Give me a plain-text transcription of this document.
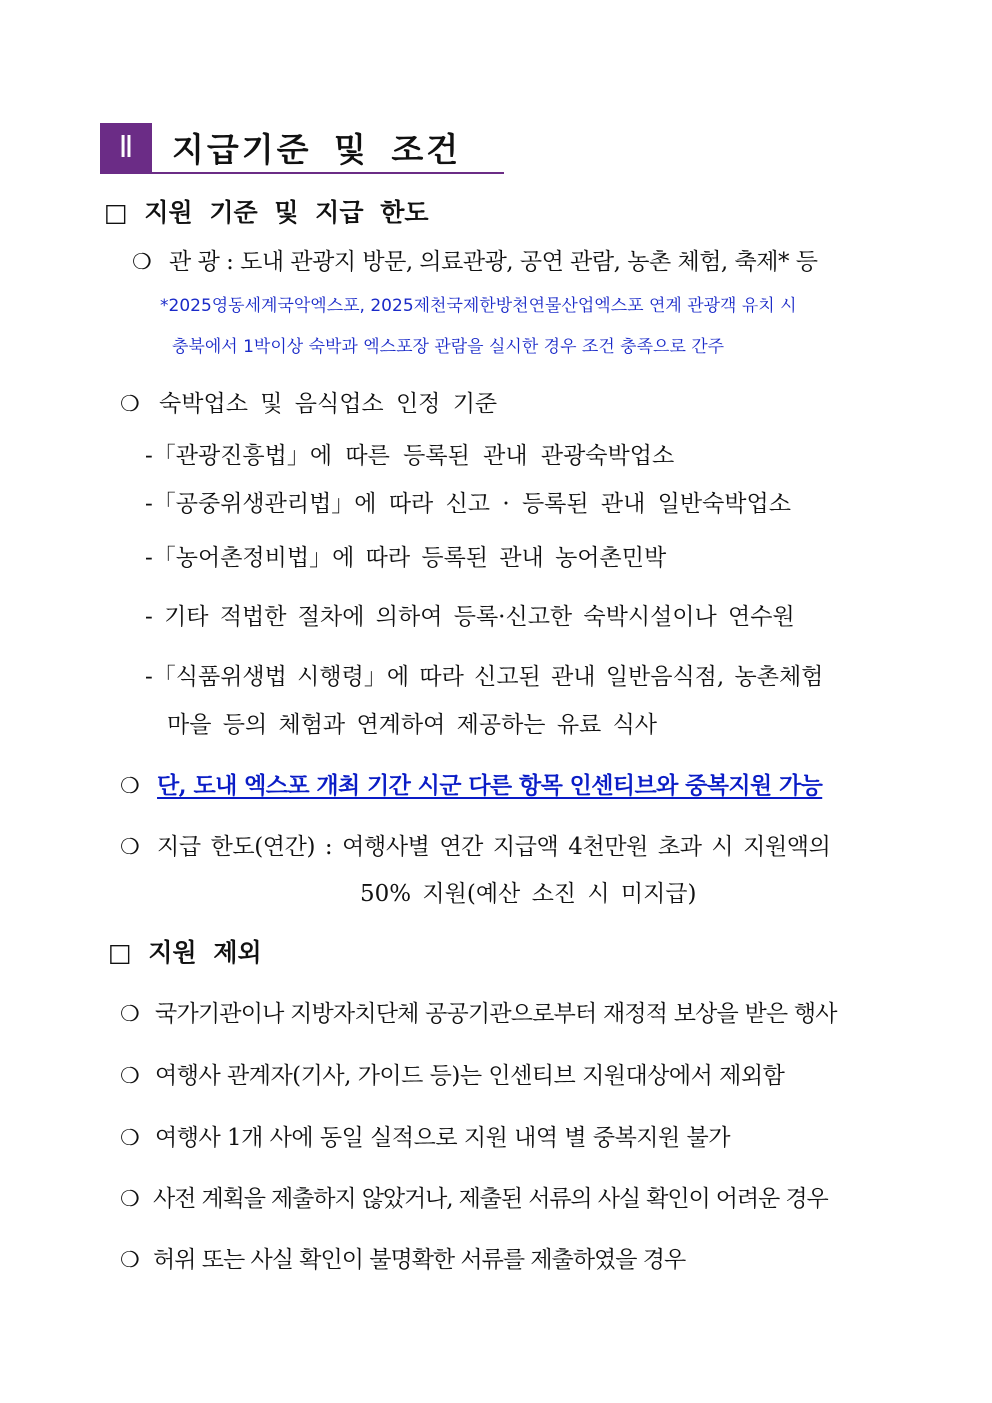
Ⅱ	지급기준 및 조건
□ 지원 기준 및 지급 한도
❍ 관 광 : 도내 관광지 방문, 의료관광, 공연 관람, 농촌 체험, 축제* 등
*2025영동세계국악엑스포, 2025제천국제한방천연물산업엑스포 연계 관광객 유치 시
충북에서 1박이상 숙박과 엑스포장 관람을 실시한 경우 조건 충족으로 간주
❍ 숙박업소 및 음식업소 인정 기준
-「관광진흥법」에 따른 등록된 관내 관광숙박업소
-「공중위생관리법」에 따라 신고 · 등록된 관내 일반숙박업소
-「농어촌정비법」에 따라 등록된 관내 농어촌민박
- 기타 적법한 절차에 의하여 등록·신고한 숙박시설이나 연수원
-「식품위생법 시행령」에 따라 신고된 관내 일반음식점, 농촌체험
마을 등의 체험과 연계하여 제공하는 유료 식사
❍ 단, 도내 엑스포 개최 기간 시군 다른 항목 인센티브와 중복지원 가능
❍ 지급 한도(연간) : 여행사별 연간 지급액 4천만원 초과 시 지원액의
50% 지원(예산 소진 시 미지급)
□ 지원 제외
❍ 국가기관이나 지방자치단체 공공기관으로부터 재정적 보상을 받은 행사
❍ 여행사 관계자(기사, 가이드 등)는 인센티브 지원대상에서 제외함
❍ 여행사 1개 사에 동일 실적으로 지원 내역 별 중복지원 불가
❍ 사전 계획을 제출하지 않았거나, 제출된 서류의 사실 확인이 어려운 경우
❍ 허위 또는 사실 확인이 불명확한 서류를 제출하였을 경우
